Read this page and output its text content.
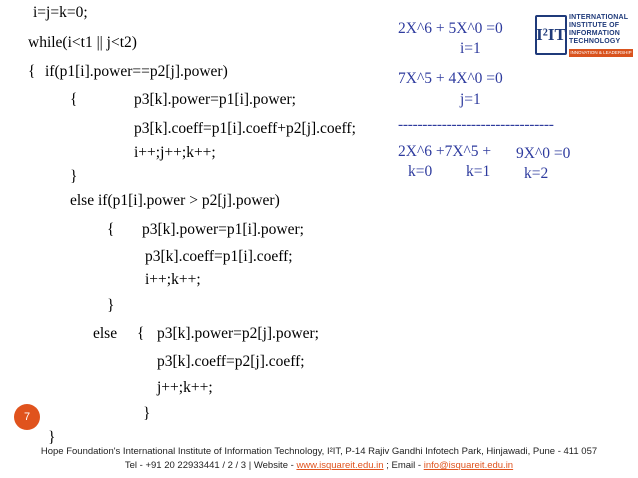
i=j=k=0;
while(i<t1 || j<t2)
{ if(p1[i].power==p2[j].power)
{	p3[k].power=p1[i].power;
p3[k].coeff=p1[i].coeff+p2[j].coeff;
i++;j++;k++;
}
else if(p1[i].power > p2[j].power)
{ p3[k].power=p1[i].power;
p3[k].coeff=p1[i].coeff;
i++;k++;
}
else { p3[k].power=p2[j].power;
p3[k].coeff=p2[j].coeff;
j++;k++;
}
}
2X^6 + 5X^0 =0
i=1
7X^5 + 4X^0 =0
j=1
--------------------------------
2X^6 +7X^5 + 9X^0 =0
k=0 k=1 k=2
I²IT
INTERNATIONAL
INSTITUTE OF
INFORMATION
TECHNOLOGY
INNOVATION & LEADERSHIP
7
Hope Foundation's International Institute of Information Technology, I²IT, P-14 Rajiv Gandhi Infotech Park, Hinjawadi, Pune - 411 057
Tel - +91 20 22933441 / 2 / 3 | Website - www.isquareit.edu.in ; Email - info@isquareit.edu.in
